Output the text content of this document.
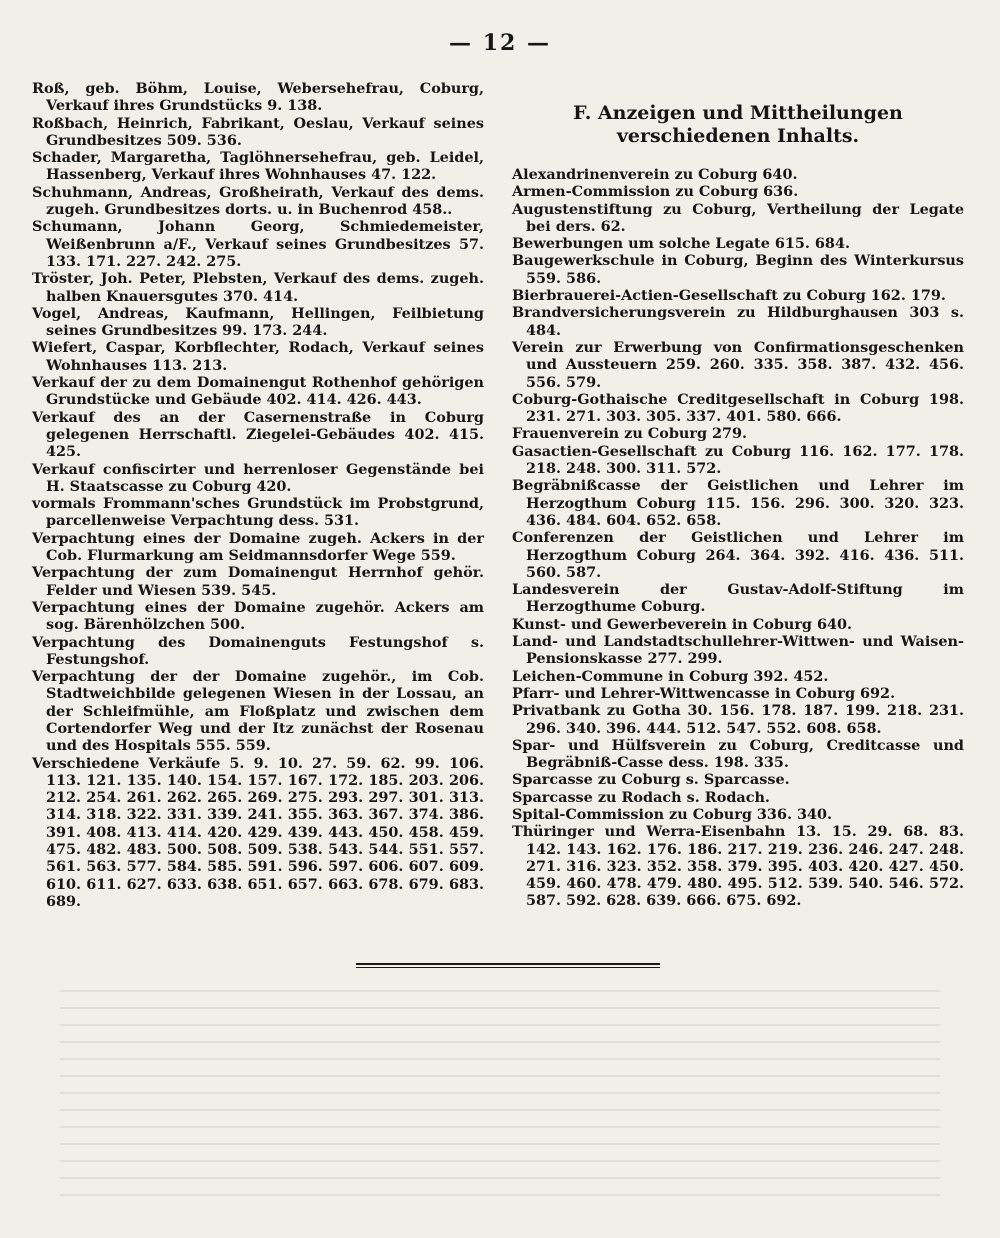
— 12 —

Roß, geb. Böhm, Louise, Webersehefrau, Coburg, Verkauf ihres Grundstücks 9. 138.

Roßbach, Heinrich, Fabrikant, Oeslau, Verkauf seines Grundbesitzes 509. 536.

Schader, Margaretha, Taglöhnersehefrau, geb. Leidel, Hassenberg, Verkauf ihres Wohnhauses 47. 122.

Schuhmann, Andreas, Großheirath, Verkauf des dems. zugeh. Grundbesitzes dorts. u. in Buchenrod 458..

Schumann, Johann Georg, Schmiedemeister, Weißenbrunn a/F., Verkauf seines Grundbesitzes 57. 133. 171. 227. 242. 275.

Tröster, Joh. Peter, Plebsten, Verkauf des dems. zugeh. halben Knauersgutes 370. 414.

Vogel, Andreas, Kaufmann, Hellingen, Feilbietung seines Grundbesitzes 99. 173. 244.

Wiefert, Caspar, Korbflechter, Rodach, Verkauf seines Wohnhauses 113. 213.

Verkauf der zu dem Domainengut Rothenhof gehörigen Grundstücke und Gebäude 402. 414. 426. 443.

Verkauf des an der Casernenstraße in Coburg gelegenen Herrschaftl. Ziegelei-Gebäudes 402. 415. 425.

Verkauf confiscirter und herrenloser Gegenstände bei H. Staatscasse zu Coburg 420.

vormals Frommann'sches Grundstück im Probstgrund, parcellenweise Verpachtung dess. 531.

Verpachtung eines der Domaine zugeh. Ackers in der Cob. Flurmarkung am Seidmannsdorfer Wege 559.

Verpachtung der zum Domainengut Herrnhof gehör. Felder und Wiesen 539. 545.

Verpachtung eines der Domaine zugehör. Ackers am sog. Bärenhölzchen 500.

Verpachtung des Domainenguts Festungshof s. Festungshof.

Verpachtung der der Domaine zugehör., im Cob. Stadtweichbilde gelegenen Wiesen in der Lossau, an der Schleifmühle, am Floßplatz und zwischen dem Cortendorfer Weg und der Itz zunächst der Rosenau und des Hospitals 555. 559.

Verschiedene Verkäufe 5. 9. 10. 27. 59. 62. 99. 106. 113. 121. 135. 140. 154. 157. 167. 172. 185. 203. 206. 212. 254. 261. 262. 265. 269. 275. 293. 297. 301. 313. 314. 318. 322. 331. 339. 241. 355. 363. 367. 374. 386. 391. 408. 413. 414. 420. 429. 439. 443. 450. 458. 459. 475. 482. 483. 500. 508. 509. 538. 543. 544. 551. 557. 561. 563. 577. 584. 585. 591. 596. 597. 606. 607. 609. 610. 611. 627. 633. 638. 651. 657. 663. 678. 679. 683. 689.

F. Anzeigen und Mittheilungen verschiedenen Inhalts.

Alexandrinenverein zu Coburg 640.

Armen-Commission zu Coburg 636.

Augustenstiftung zu Coburg, Vertheilung der Legate bei ders. 62.

Bewerbungen um solche Legate 615. 684.

Baugewerkschule in Coburg, Beginn des Winterkursus 559. 586.

Bierbrauerei-Actien-Gesellschaft zu Coburg 162. 179.

Brandversicherungsverein zu Hildburghausen 303 s. 484.

Verein zur Erwerbung von Confirmationsgeschenken und Aussteuern 259. 260. 335. 358. 387. 432. 456. 556. 579.

Coburg-Gothaische Creditgesellschaft in Coburg 198. 231. 271. 303. 305. 337. 401. 580. 666.

Frauenverein zu Coburg 279.

Gasactien-Gesellschaft zu Coburg 116. 162. 177. 178. 218. 248. 300. 311. 572.

Begräbnißcasse der Geistlichen und Lehrer im Herzogthum Coburg 115. 156. 296. 300. 320. 323. 436. 484. 604. 652. 658.

Conferenzen der Geistlichen und Lehrer im Herzogthum Coburg 264. 364. 392. 416. 436. 511. 560. 587.

Landesverein der Gustav-Adolf-Stiftung im Herzogthume Coburg.

Kunst- und Gewerbeverein in Coburg 640.

Land- und Landstadtschullehrer-Wittwen- und Waisen-Pensionskasse 277. 299.

Leichen-Commune in Coburg 392. 452.

Pfarr- und Lehrer-Wittwencasse in Coburg 692.

Privatbank zu Gotha 30. 156. 178. 187. 199. 218. 231. 296. 340. 396. 444. 512. 547. 552. 608. 658.

Spar- und Hülfsverein zu Coburg, Creditcasse und Begräbniß-Casse dess. 198. 335.

Sparcasse zu Coburg s. Sparcasse.

Sparcasse zu Rodach s. Rodach.

Spital-Commission zu Coburg 336. 340.

Thüringer und Werra-Eisenbahn 13. 15. 29. 68. 83. 142. 143. 162. 176. 186. 217. 219. 236. 246. 247. 248. 271. 316. 323. 352. 358. 379. 395. 403. 420. 427. 450. 459. 460. 478. 479. 480. 495. 512. 539. 540. 546. 572. 587. 592. 628. 639. 666. 675. 692.
